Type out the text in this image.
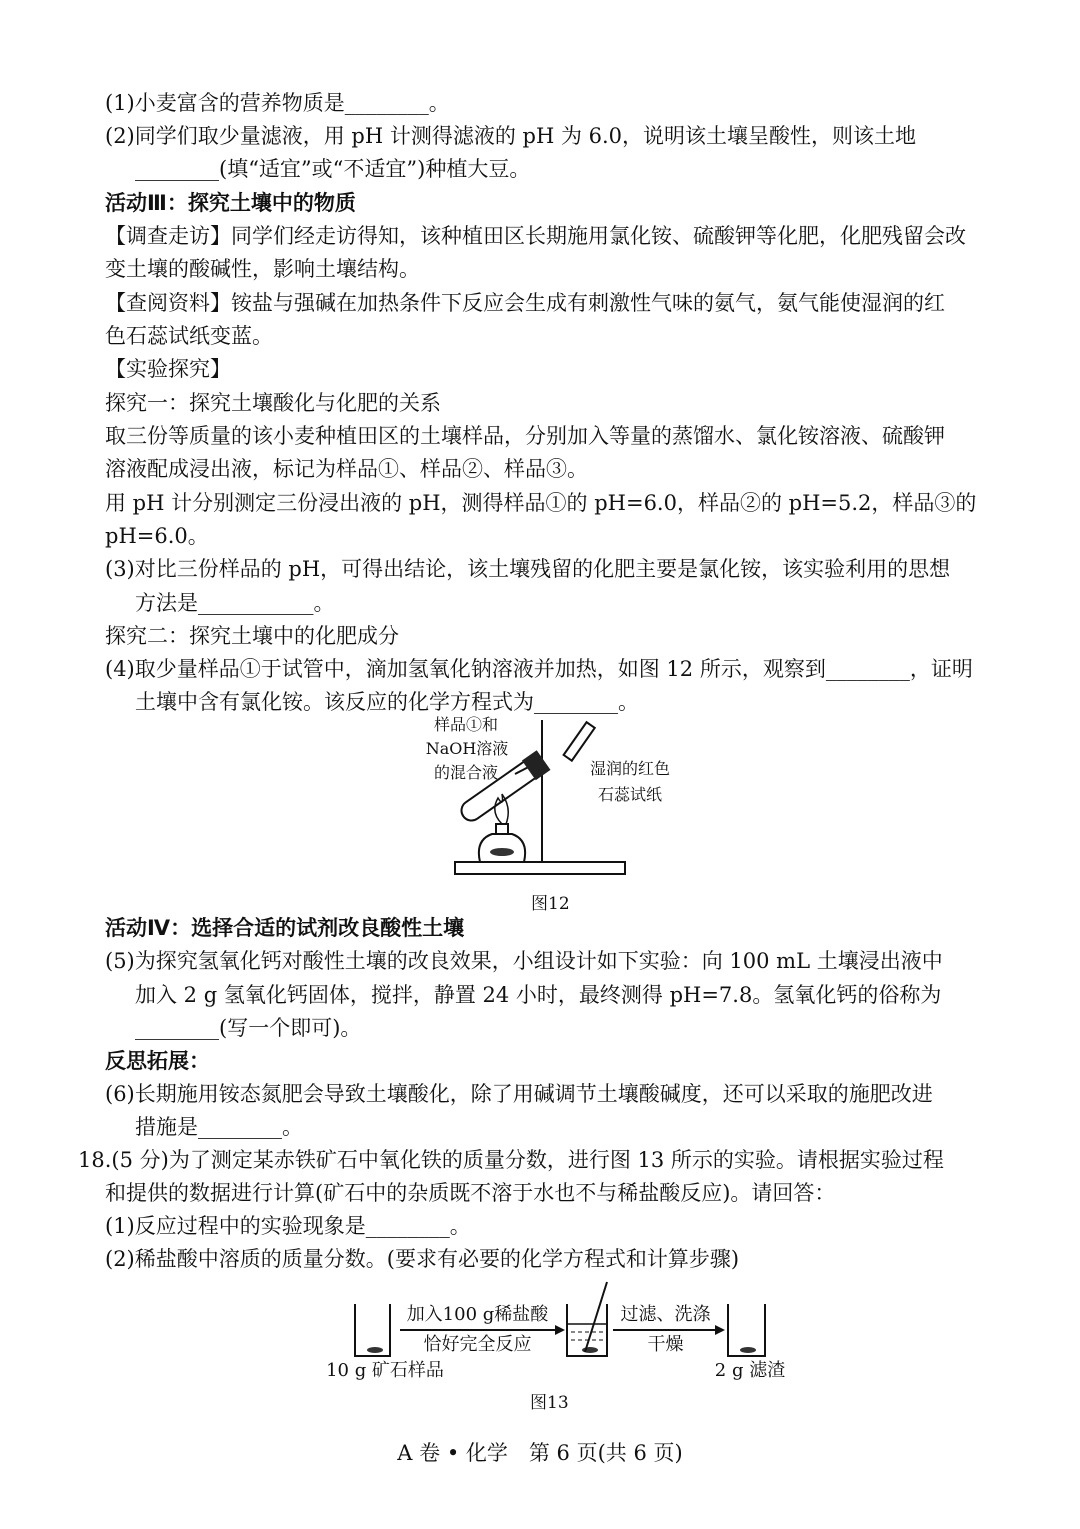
(1)小麦富含的营养物质是________。
(2)同学们取少量滤液，用 pH 计测得滤液的 pH 为 6.0，说明该土壤呈酸性，则该土地
________(填“适宜”或“不适宜”)种植大豆。
活动Ⅲ：探究土壤中的物质
【调查走访】同学们经走访得知，该种植田区长期施用氯化铵、硫酸钾等化肥，化肥残留会改
变土壤的酸碱性，影响土壤结构。
【查阅资料】铵盐与强碱在加热条件下反应会生成有刺激性气味的氨气，氨气能使湿润的红
色石蕊试纸变蓝。
【实验探究】
探究一：探究土壤酸化与化肥的关系
取三份等质量的该小麦种植田区的土壤样品，分别加入等量的蒸馏水、氯化铵溶液、硫酸钾
溶液配成浸出液，标记为样品①、样品②、样品③。
用 pH 计分别测定三份浸出液的 pH，测得样品①的 pH=6.0，样品②的 pH=5.2，样品③的
pH=6.0。
(3)对比三份样品的 pH，可得出结论，该土壤残留的化肥主要是氯化铵，该实验利用的思想
方法是___________。
探究二：探究土壤中的化肥成分
(4)取少量样品①于试管中，滴加氢氧化钠溶液并加热，如图 12 所示，观察到________，证明
土壤中含有氯化铵。该反应的化学方程式为________。
样品①和
NaOH溶液
的混合液	湿润的红色
石蕊试纸
图12
活动Ⅳ：选择合适的试剂改良酸性土壤
(5)为探究氢氧化钙对酸性土壤的改良效果，小组设计如下实验：向 100 mL 土壤浸出液中
加入 2 g 氢氧化钙固体，搅拌，静置 24 小时，最终测得 pH=7.8。氢氧化钙的俗称为
________(写一个即可)。
反思拓展：
(6)长期施用铵态氮肥会导致土壤酸化，除了用碱调节土壤酸碱度，还可以采取的施肥改进
措施是________。
18.(5 分)为了测定某赤铁矿石中氧化铁的质量分数，进行图 13 所示的实验。请根据实验过程
和提供的数据进行计算(矿石中的杂质既不溶于水也不与稀盐酸反应)。请回答：
(1)反应过程中的实验现象是________。
(2)稀盐酸中溶质的质量分数。(要求有必要的化学方程式和计算步骤)
加入100 g稀盐酸
恰好完全反应
过滤、洗涤
干燥
10 g 矿石样品	2 g 滤渣
图13
A 卷 • 化学　第 6 页(共 6 页)
